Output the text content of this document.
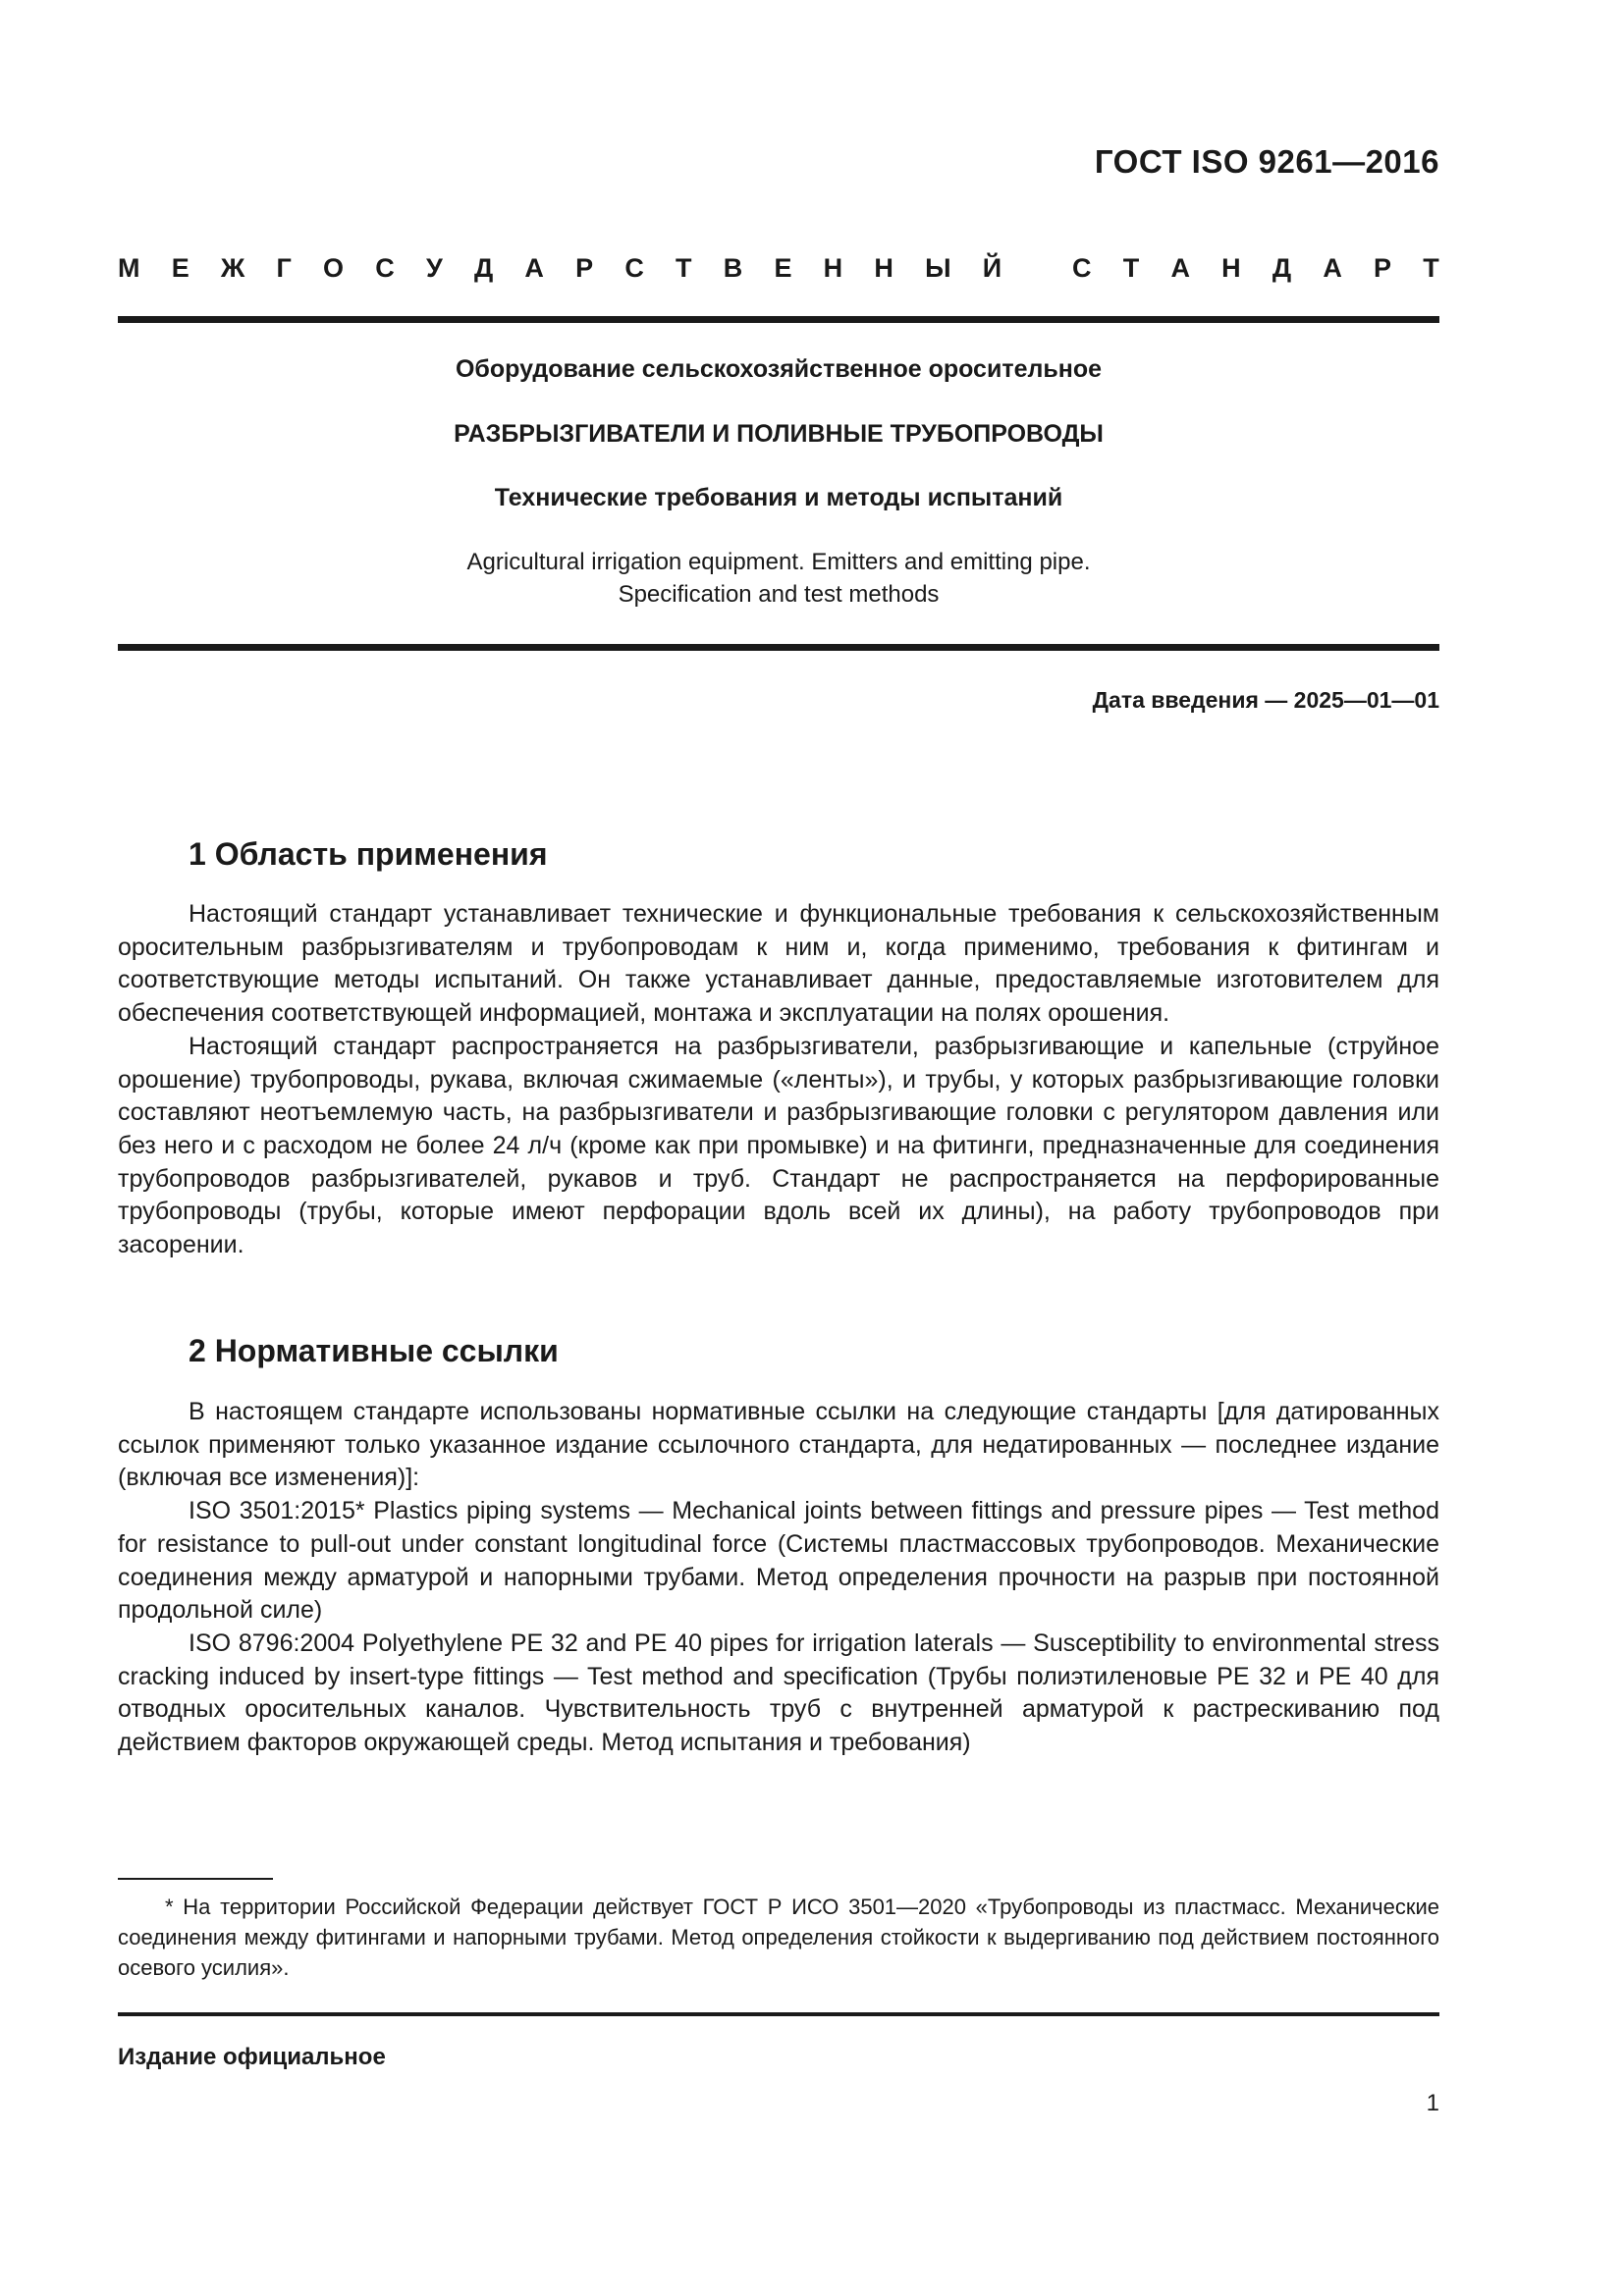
ГОСТ ISO 9261—2016
М Е Ж Г О С У Д А Р С Т В Е Н Н Ы Й
	С Т А Н Д А Р Т
Оборудование сельскохозяйственное оросительное
РАЗБРЫЗГИВАТЕЛИ И ПОЛИВНЫЕ ТРУБОПРОВОДЫ
Технические требования и методы испытаний
Agricultural irrigation equipment. Emitters and emitting pipe.
Specification and test methods
Дата введения — 2025—01—01
1 Область применения

Настоящий стандарт устанавливает технические и функциональные требования к сельскохозяйственным оросительным разбрызгивателям и трубопроводам к ним и, когда применимо, требования к фитингам и соответствующие методы испытаний. Он также устанавливает данные, предоставляемые изготовителем для обеспечения соответствующей информацией, монтажа и эксплуатации на полях орошения.

Настоящий стандарт распространяется на разбрызгиватели, разбрызгивающие и капельные (струйное орошение) трубопроводы, рукава, включая сжимаемые («ленты»), и трубы, у которых разбрызгивающие головки составляют неотъемлемую часть, на разбрызгиватели и разбрызгивающие головки с регулятором давления или без него и с расходом не более 24 л/ч (кроме как при промывке) и на фитинги, предназначенные для соединения трубопроводов разбрызгивателей, рукавов и труб. Стандарт не распространяется на перфорированные трубопроводы (трубы, которые имеют перфорации вдоль всей их длины), на работу трубопроводов при засорении.

2 Нормативные ссылки

В настоящем стандарте использованы нормативные ссылки на следующие стандарты [для датированных ссылок применяют только указанное издание ссылочного стандарта, для недатированных — последнее издание (включая все изменения)]:

ISO 3501:2015* Plastics piping systems — Mechanical joints between fittings and pressure pipes — Test method for resistance to pull-out under constant longitudinal force (Системы пластмассовых трубопроводов. Механические соединения между арматурой и напорными трубами. Метод определения прочности на разрыв при постоянной продольной силе)

ISO 8796:2004 Polyethylene PE 32 and PE 40 pipes for irrigation laterals — Susceptibility to environmental stress cracking induced by insert-type fittings — Test method and specification (Трубы полиэтиленовые PE 32 и PE 40 для отводных оросительных каналов. Чувствительность труб с внутренней арматурой к растрескиванию под действием факторов окружающей среды. Метод испытания и требования)

* На территории Российской Федерации действует ГОСТ Р ИСО 3501—2020 «Трубопроводы из пластмасс. Механические соединения между фитингами и напорными трубами. Метод определения стойкости к выдергиванию под действием постоянного осевого усилия».
Издание официальное
1
